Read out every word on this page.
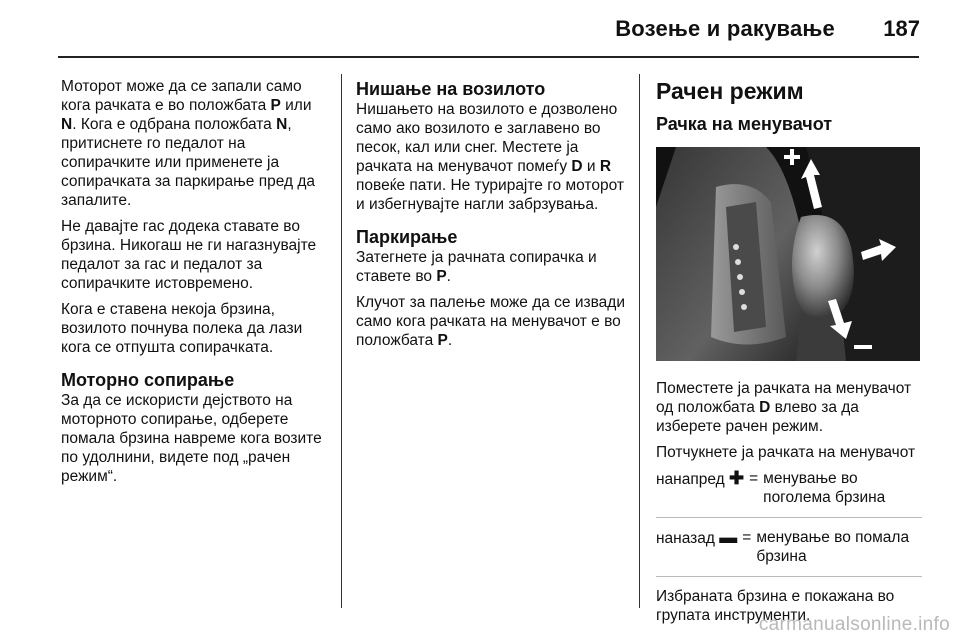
Возење и ракување 187

Моторот може да се запали само кога рачката е во положбата P или N. Кога е одбрана положбата N, притиснете го педалот на сопирачките или применете ја сопирачката за паркирање пред да запалите.

Не давајте гас додека ставате во брзина. Никогаш не ги нагазнувајте педалот за гас и педалот за сопирачките истовремено.

Кога е ставена некоја брзина, возилото почнува полека да лази кога се отпушта сопирачката.

Моторно сопирање

За да се искористи дејството на моторното сопирање, одберете помала брзина навреме кога возите по удолнини, видете под „рачен режим“.

Нишање на возилото

Нишањето на возилото е дозволено само ако возилото е заглавено во песок, кал или снег. Местете ја рачката на менувачот помеѓу D и R повеќе пати. Не турирајте го моторот и избегнувајте нагли забрзувања.

Паркирање

Затегнете ја рачната сопирачка и ставете во P.

Клучот за палење може да се извади само кога рачката на менувачот е во положбата P.

Рачен режим
Рачка на менувачот

Поместете ја рачката на менувачот од положбата D влево за да изберете рачен режим.

Потчукнете ја рачката на менувачот

нанапред ✚ = менување во поголема брзина
наназад ▬ = менување во помала брзина

Избраната брзина е покажана во групата инструменти.

carmanualsonline.info
